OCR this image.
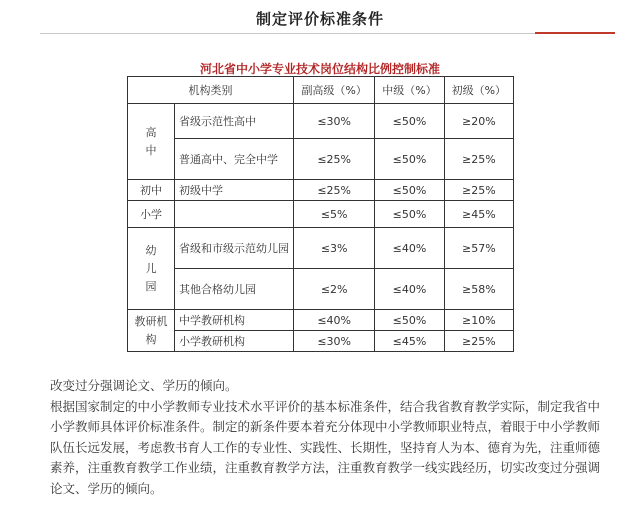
制定评价标准条件
河北省中小学专业技术岗位结构比例控制标准
机构类别		副高级（%）	中级（%）	初级（%）
高中	省级示范性高中	≤30%	≤50%	≥20%
	普通高中、完全中学	≤25%	≤50%	≥25%
初中	初级中学	≤25%	≤50%	≥25%
小学		≤5%	≤50%	≥45%
幼儿园	省级和市级示范幼儿园	≤3%	≤40%	≥57%
	其他合格幼儿园	≤2%	≤40%	≥58%
教研机构	中学教研机构	≤40%	≤50%	≥10%
	小学教研机构	≤30%	≤45%	≥25%

改变过分强调论文、学历的倾向。

根据国家制定的中小学教师专业技术水平评价的基本标准条件，结合我省教育教学实际，制定我省中小学教师具体评价标准条件。制定的新条件要本着充分体现中小学教师职业特点，着眼于中小学教师队伍长远发展，考虑教书育人工作的专业性、实践性、长期性，坚持育人为本、德育为先，注重师德素养，注重教育教学工作业绩，注重教育教学方法，注重教育教学一线实践经历，切实改变过分强调论文、学历的倾向。
